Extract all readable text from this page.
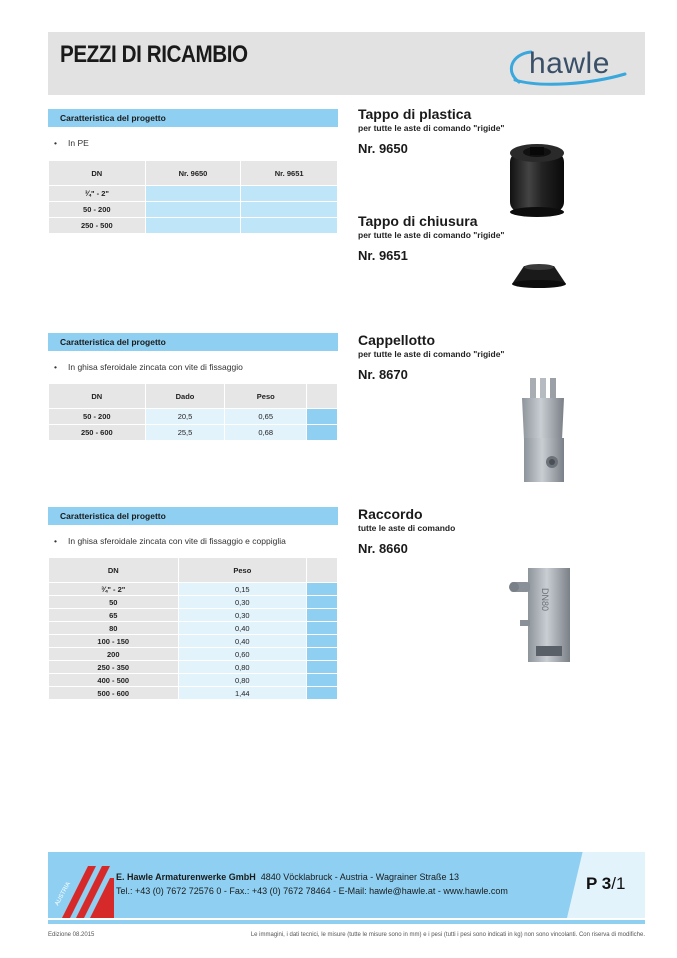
PEZZI DI RICAMBIO	hawle
Caratteristica del progetto
• In PE
DN	Nr. 9650	Nr. 9651
¾" - 2"		
50 - 200		
250 - 500		
Caratteristica del progetto
• In ghisa sferoidale zincata con vite di fissaggio
DN	Dado	Peso	
50 - 200	20,5	0,65	
250 - 600	25,5	0,68	
Caratteristica del progetto
• In ghisa sferoidale zincata con vite di fissaggio e coppiglia
DN	Peso	
¾" - 2"	0,15	
50	0,30	
65	0,30	
80	0,40	
100 - 150	0,40	
200	0,60	
250 - 350	0,80	
400 - 500	0,80	
500 - 600	1,44	
Tappo di plastica
per tutte le aste di comando "rigide"
Nr. 9650
Tappo di chiusura
per tutte le aste di comando "rigide"
Nr. 9651
Cappellotto
per tutte le aste di comando "rigide"
Nr. 8670
Raccordo
tutte le aste di comando
Nr. 8660
DN80
AUSTRIA
E. Hawle Armaturenwerke GmbH 4840 Vöcklabruck - Austria - Wagrainer Straße 13
Tel.: +43 (0) 7672 72576 0 - Fax.: +43 (0) 7672 78464 - E-Mail: hawle@hawle.at - www.hawle.com	P 3/1
Edizione 08.2015	Le immagini, i dati tecnici, le misure (tutte le misure sono in mm) e i pesi (tutti i pesi sono indicati in kg) non sono vincolanti. Con riserva di modifiche.
